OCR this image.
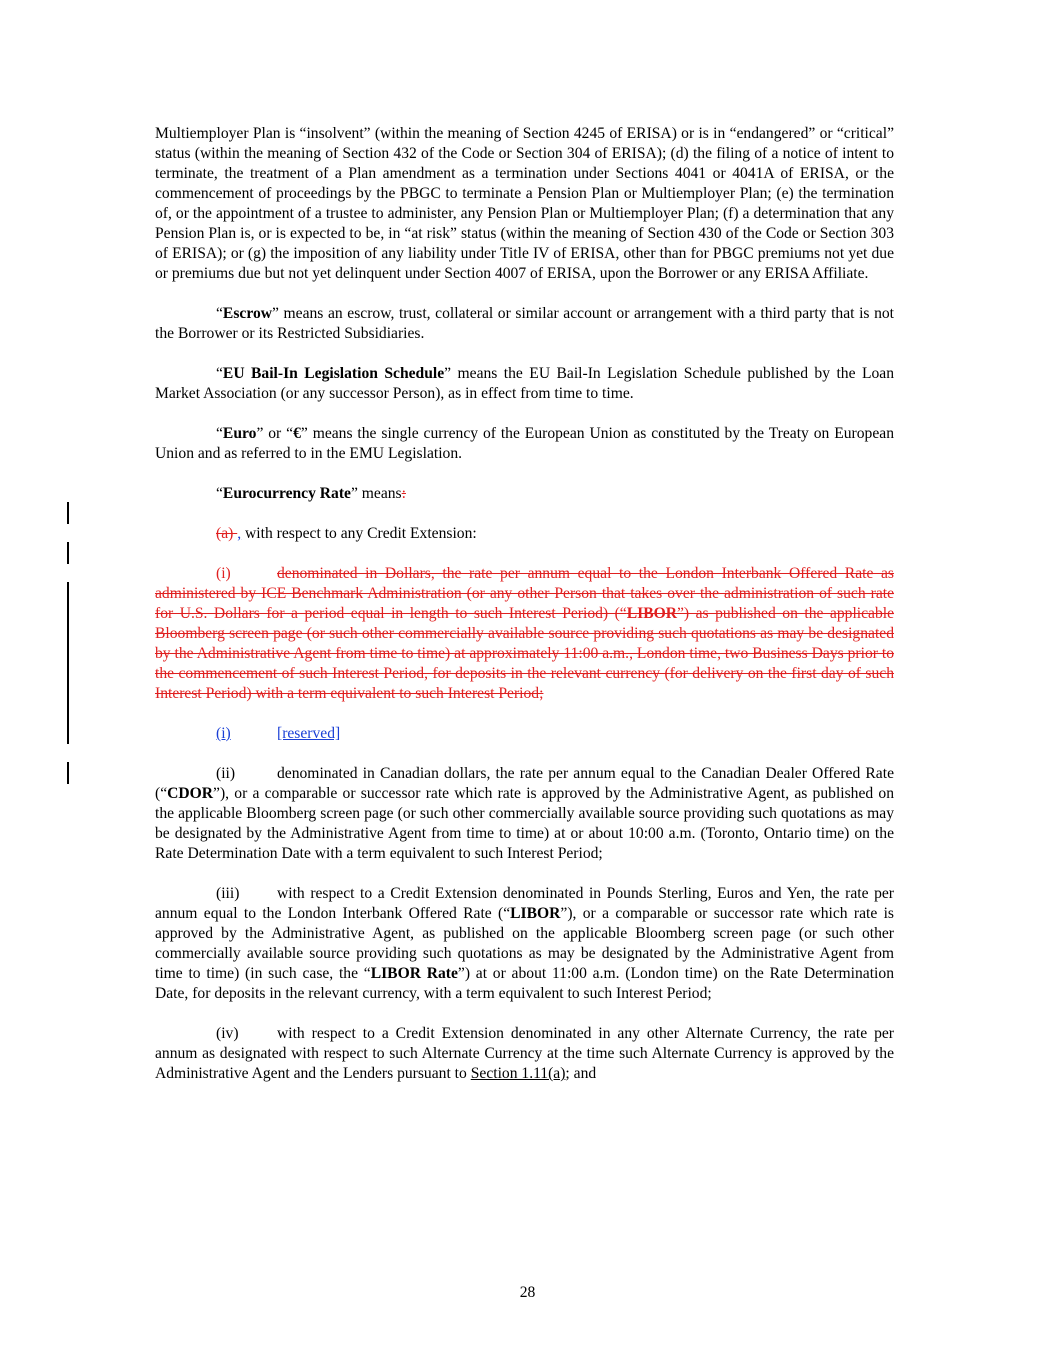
Multiemployer Plan is “insolvent” (within the meaning of Section 4245 of ERISA) or is in “endangered” or “critical” status (within the meaning of Section 432 of the Code or Section 304 of ERISA); (d) the filing of a notice of intent to terminate, the treatment of a Plan amendment as a termination under Sections 4041 or 4041A of ERISA, or the commencement of proceedings by the PBGC to terminate a Pension Plan or Multiemployer Plan; (e) the termination of, or the appointment of a trustee to administer, any Pension Plan or Multiemployer Plan; (f) a determination that any Pension Plan is, or is expected to be, in “at risk” status (within the meaning of Section 430 of the Code or Section 303 of ERISA); or (g) the imposition of any liability under Title IV of ERISA, other than for PBGC premiums not yet due or premiums due but not yet delinquent under Section 4007 of ERISA, upon the Borrower or any ERISA Affiliate.

“Escrow” means an escrow, trust, collateral or similar account or arrangement with a third party that is not the Borrower or its Restricted Subsidiaries.

“EU Bail-In Legislation Schedule” means the EU Bail-In Legislation Schedule published by the Loan Market Association (or any successor Person), as in effect from time to time.

“Euro” or “€” means the single currency of the European Union as constituted by the Treaty on European Union and as referred to in the EMU Legislation.

“Eurocurrency Rate” means:

(a) , with respect to any Credit Extension:

(i)	denominated in Dollars, the rate per annum equal to the London Interbank Offered Rate as administered by ICE Benchmark Administration (or any other Person that takes over the administration of such rate for U.S. Dollars for a period equal in length to such Interest Period) (“LIBOR”) as published on the applicable Bloomberg screen page (or such other commercially available source providing such quotations as may be designated by the Administrative Agent from time to time) at approximately 11:00 a.m., London time, two Business Days prior to the commencement of such Interest Period, for deposits in the relevant currency (for delivery on the first day of such Interest Period) with a term equivalent to such Interest Period;

(i)	[reserved]

(ii)	denominated in Canadian dollars, the rate per annum equal to the Canadian Dealer Offered Rate (“CDOR”), or a comparable or successor rate which rate is approved by the Administrative Agent, as published on the applicable Bloomberg screen page (or such other commercially available source providing such quotations as may be designated by the Administrative Agent from time to time) at or about 10:00 a.m. (Toronto, Ontario time) on the Rate Determination Date with a term equivalent to such Interest Period;

(iii) with respect to a Credit Extension denominated in Pounds Sterling, Euros and Yen, the rate per annum equal to the London Interbank Offered Rate (“LIBOR”), or a comparable or successor rate which rate is approved by the Administrative Agent, as published on the applicable Bloomberg screen page (or such other commercially available source providing such quotations as may be designated by the Administrative Agent from time to time) (in such case, the “LIBOR Rate”) at or about 11:00 a.m. (London time) on the Rate Determination Date, for deposits in the relevant currency, with a term equivalent to such Interest Period;

(iv) with respect to a Credit Extension denominated in any other Alternate Currency, the rate per annum as designated with respect to such Alternate Currency at the time such Alternate Currency is approved by the Administrative Agent and the Lenders pursuant to Section 1.11(a); and

28
